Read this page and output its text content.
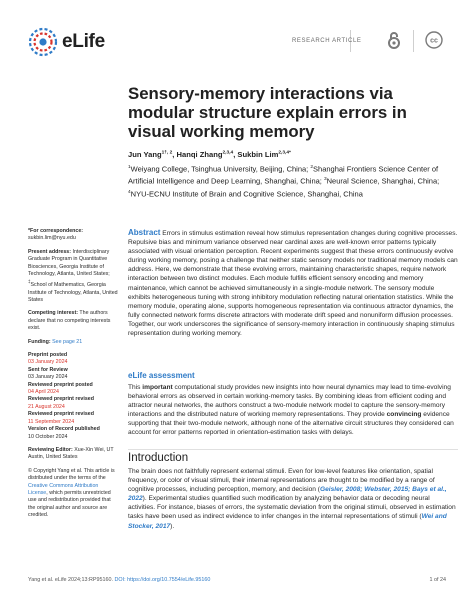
eLife	RESEARCH ARTICLE	cc
Sensory-memory interactions via modular structure explain errors in visual working memory
Jun Yang$^{1\dagger, 2}$, Hanqi Zhang$^{2,3,4}$, Sukbin Lim$^{2,3,4*}$
$^1$Weiyang College, Tsinghua University, Beijing, China; $^2$Shanghai Frontiers Science Center of Artificial Intelligence and Deep Learning, Shanghai, China; $^3$Neural Science, Shanghai, China; $^4$NYU-ECNU Institute of Brain and Cognitive Science, Shanghai, China
*For correspondence:
sukbin.lim@nyu.edu
Present address: Interdisciplinary Graduate Program in Quantitative Biosciences, Georgia Institute of Technology, Atlanta, United States; ‡School of Mathematics, Georgia Institute of Technology, Atlanta, United States
Competing interest: The authors declare that no competing interests exist.
Funding: See page 21
Preprint posted
03 January 2024
Sent for Review
03 January 2024
Reviewed preprint posted
04 April 2024
Reviewed preprint revised
21 August 2024
Reviewed preprint revised
11 September 2024
Version of Record published
10 October 2024
Reviewing Editor: Xue-Xin Wei, UT Austin, United States
© Copyright Yang et al. This article is distributed under the terms of the Creative Commons Attribution License, which permits unrestricted use and redistribution provided that the original author and source are credited.
Abstract Errors in stimulus estimation reveal how stimulus representation changes during cognitive processes. Repulsive bias and minimum variance observed near cardinal axes are well-known error patterns typically associated with visual orientation perception. Recent experiments suggest that these errors continuously evolve during working memory, posing a challenge that neither static sensory models nor traditional memory models can address. Here, we demonstrate that these evolving errors, maintaining characteristic shapes, require network interaction between two distinct modules. Each module fulfills efficient sensory encoding and memory maintenance, which cannot be achieved simultaneously in a single-module network. The sensory module exhibits heterogeneous tuning with strong inhibitory modulation reflecting natural orientation statistics. While the memory module, operating alone, supports homogeneous representation via continuous attractor dynamics, the fully connected network forms discrete attractors with moderate drift speed and nonuniform diffusion processes. Together, our work underscores the significance of sensory-memory interaction in continuously shaping stimulus representation during working memory.
eLife assessment
This important computational study provides new insights into how neural dynamics may lead to time-evolving behavioral errors as observed in certain working-memory tasks. By combining ideas from efficient coding and attractor neural networks, the authors construct a two-module network model to capture the sensory-memory interactions and the distributed nature of working memory representations. They provide convincing evidence supporting that their two-module network, although none of the alternative circuit structures they considered can account for error patterns reported in orientation-estimation tasks with delays.
Introduction
The brain does not faithfully represent external stimuli. Even for low-level features like orientation, spatial frequency, or color of visual stimuli, their internal representations are thought to be modified by a range of cognitive processes, including perception, memory, and decision (Geisler, 2008; Webster, 2015; Bays et al., 2022). Experimental studies quantified such modification by analyzing behavior data or decoding neural activities. For instance, biases of errors, the systematic deviation from the original stimuli, observed in estimation tasks have been used as indirect evidence to infer changes in the internal representations of stimuli (Wei and Stocker, 2017).
Yang et al. eLife 2024;13:RP95160. DOI: https://doi.org/10.7554/eLife.95160	1 of 24
